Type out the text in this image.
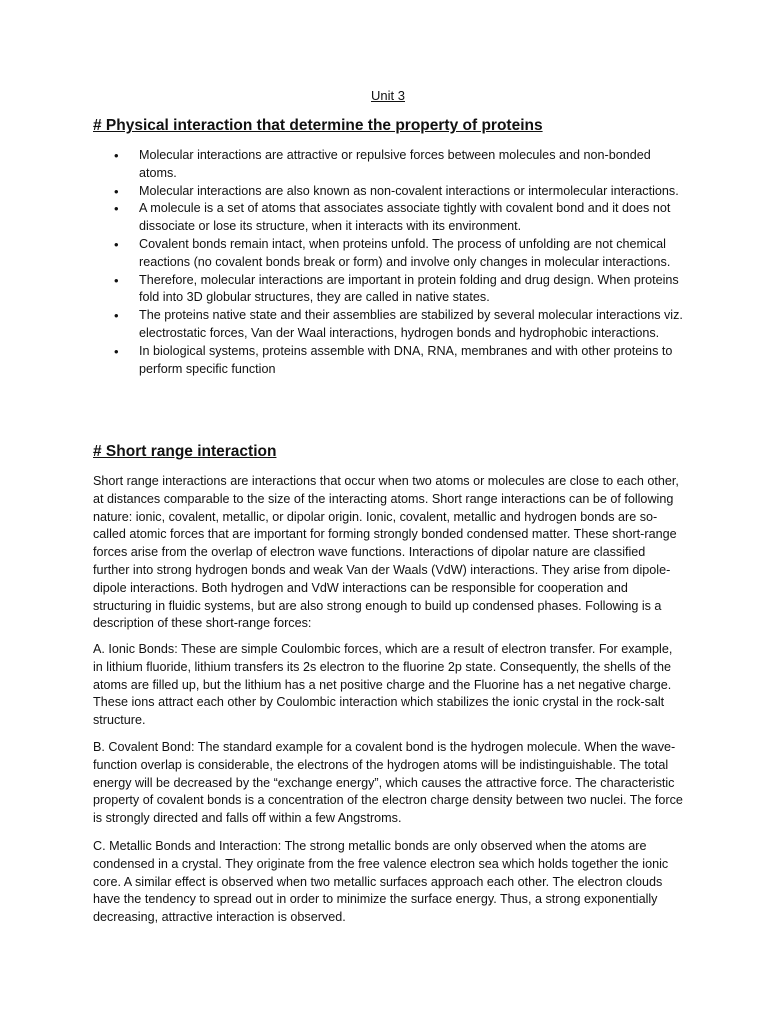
Unit 3
# Physical interaction that determine the property of proteins
• Molecular interactions are attractive or repulsive forces between molecules and non-bonded atoms.
• Molecular interactions are also known as non-covalent interactions or intermolecular interactions.
• A molecule is a set of atoms that associates associate tightly with covalent bond and it does not dissociate or lose its structure, when it interacts with its environment.
• Covalent bonds remain intact, when proteins unfold. The process of unfolding are not chemical reactions (no covalent bonds break or form) and involve only changes in molecular interactions.
• Therefore, molecular interactions are important in protein folding and drug design. When proteins fold into 3D globular structures, they are called in native states.
• The proteins native state and their assemblies are stabilized by several molecular interactions viz. electrostatic forces, Van der Waal interactions, hydrogen bonds and hydrophobic interactions.
• In biological systems, proteins assemble with DNA, RNA, membranes and with other proteins to perform specific function
# Short range interaction

Short range interactions are interactions that occur when two atoms or molecules are close to each other, at distances comparable to the size of the interacting atoms. Short range interactions can be of following nature: ionic, covalent, metallic, or dipolar origin. Ionic, covalent, metallic and hydrogen bonds are so-called atomic forces that are important for forming strongly bonded condensed matter. These short-range forces arise from the overlap of electron wave functions. Interactions of dipolar nature are classified further into strong hydrogen bonds and weak Van der Waals (VdW) interactions. They arise from dipole-dipole interactions. Both hydrogen and VdW interactions can be responsible for cooperation and structuring in fluidic systems, but are also strong enough to build up condensed phases. Following is a description of these short-range forces:

A. Ionic Bonds: These are simple Coulombic forces, which are a result of electron transfer. For example, in lithium fluoride, lithium transfers its 2s electron to the fluorine 2p state. Consequently, the shells of the atoms are filled up, but the lithium has a net positive charge and the Fluorine has a net negative charge. These ions attract each other by Coulombic interaction which stabilizes the ionic crystal in the rock-salt structure.

B. Covalent Bond: The standard example for a covalent bond is the hydrogen molecule. When the wave-function overlap is considerable, the electrons of the hydrogen atoms will be indistinguishable. The total energy will be decreased by the “exchange energy”, which causes the attractive force. The characteristic property of covalent bonds is a concentration of the electron charge density between two nuclei. The force is strongly directed and falls off within a few Angstroms.

C. Metallic Bonds and Interaction: The strong metallic bonds are only observed when the atoms are condensed in a crystal. They originate from the free valence electron sea which holds together the ionic core. A similar effect is observed when two metallic surfaces approach each other. The electron clouds have the tendency to spread out in order to minimize the surface energy. Thus, a strong exponentially decreasing, attractive interaction is observed.
